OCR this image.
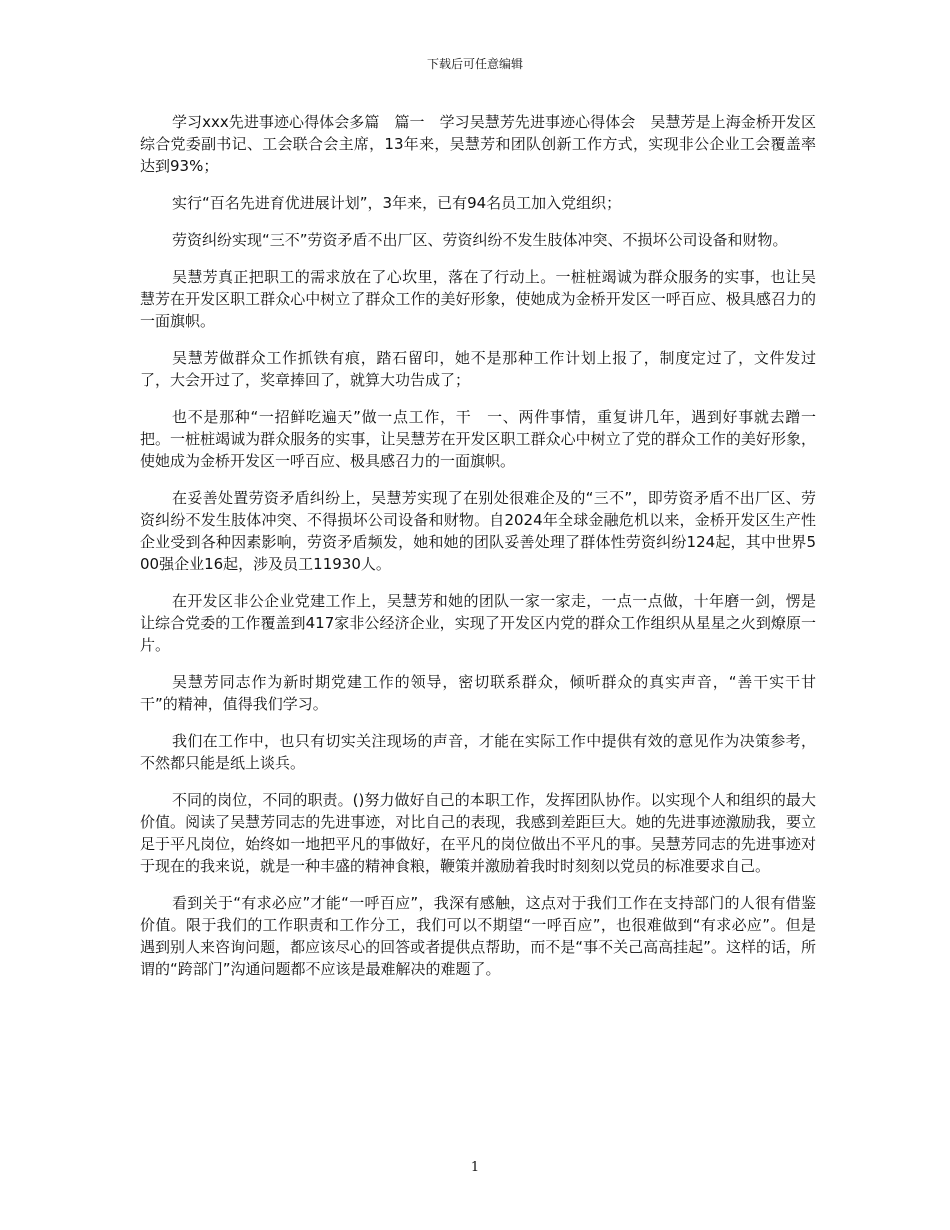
下载后可任意编辑

学习xxx先进事迹心得体会多篇　篇一　学习吴慧芳先进事迹心得体会　吴慧芳是上海金桥开发区综合党委副书记、工会联合会主席，13年来，吴慧芳和团队创新工作方式，实现非公企业工会覆盖率达到93%；

实行“百名先进育优进展计划”，3年来，已有94名员工加入党组织；

劳资纠纷实现“三不”劳资矛盾不出厂区、劳资纠纷不发生肢体冲突、不损坏公司设备和财物。

吴慧芳真正把职工的需求放在了心坎里，落在了行动上。一桩桩竭诚为群众服务的实事，也让吴慧芳在开发区职工群众心中树立了群众工作的美好形象，使她成为金桥开发区一呼百应、极具感召力的一面旗帜。

吴慧芳做群众工作抓铁有痕，踏石留印，她不是那种工作计划上报了，制度定过了，文件发过了，大会开过了，奖章捧回了，就算大功告成了；

也不是那种“一招鲜吃遍天”做一点工作，干　一、两件事情，重复讲几年，遇到好事就去蹭一把。一桩桩竭诚为群众服务的实事，让吴慧芳在开发区职工群众心中树立了党的群众工作的美好形象，使她成为金桥开发区一呼百应、极具感召力的一面旗帜。

在妥善处置劳资矛盾纠纷上，吴慧芳实现了在别处很难企及的“三不”，即劳资矛盾不出厂区、劳资纠纷不发生肢体冲突、不得损坏公司设备和财物。自2024年全球金融危机以来，金桥开发区生产性企业受到各种因素影响，劳资矛盾频发，她和她的团队妥善处理了群体性劳资纠纷124起，其中世界500强企业16起，涉及员工11930人。

在开发区非公企业党建工作上，吴慧芳和她的团队一家一家走，一点一点做，十年磨一剑，愣是让综合党委的工作覆盖到417家非公经济企业，实现了开发区内党的群众工作组织从星星之火到燎原一片。

吴慧芳同志作为新时期党建工作的领导，密切联系群众，倾听群众的真实声音，“善干实干甘干”的精神，值得我们学习。

我们在工作中，也只有切实关注现场的声音，才能在实际工作中提供有效的意见作为决策参考，不然都只能是纸上谈兵。

不同的岗位，不同的职责。()努力做好自己的本职工作，发挥团队协作。以实现个人和组织的最大价值。阅读了吴慧芳同志的先进事迹，对比自己的表现，我感到差距巨大。她的先进事迹激励我，要立足于平凡岗位，始终如一地把平凡的事做好，在平凡的岗位做出不平凡的事。吴慧芳同志的先进事迹对于现在的我来说，就是一种丰盛的精神食粮，鞭策并激励着我时时刻刻以党员的标准要求自己。

看到关于“有求必应”才能“一呼百应”，我深有感触，这点对于我们工作在支持部门的人很有借鉴价值。限于我们的工作职责和工作分工，我们可以不期望“一呼百应”，也很难做到“有求必应”。但是遇到别人来咨询问题，都应该尽心的回答或者提供点帮助，而不是“事不关己高高挂起”。这样的话，所谓的“跨部门”沟通问题都不应该是最难解决的难题了。

1
